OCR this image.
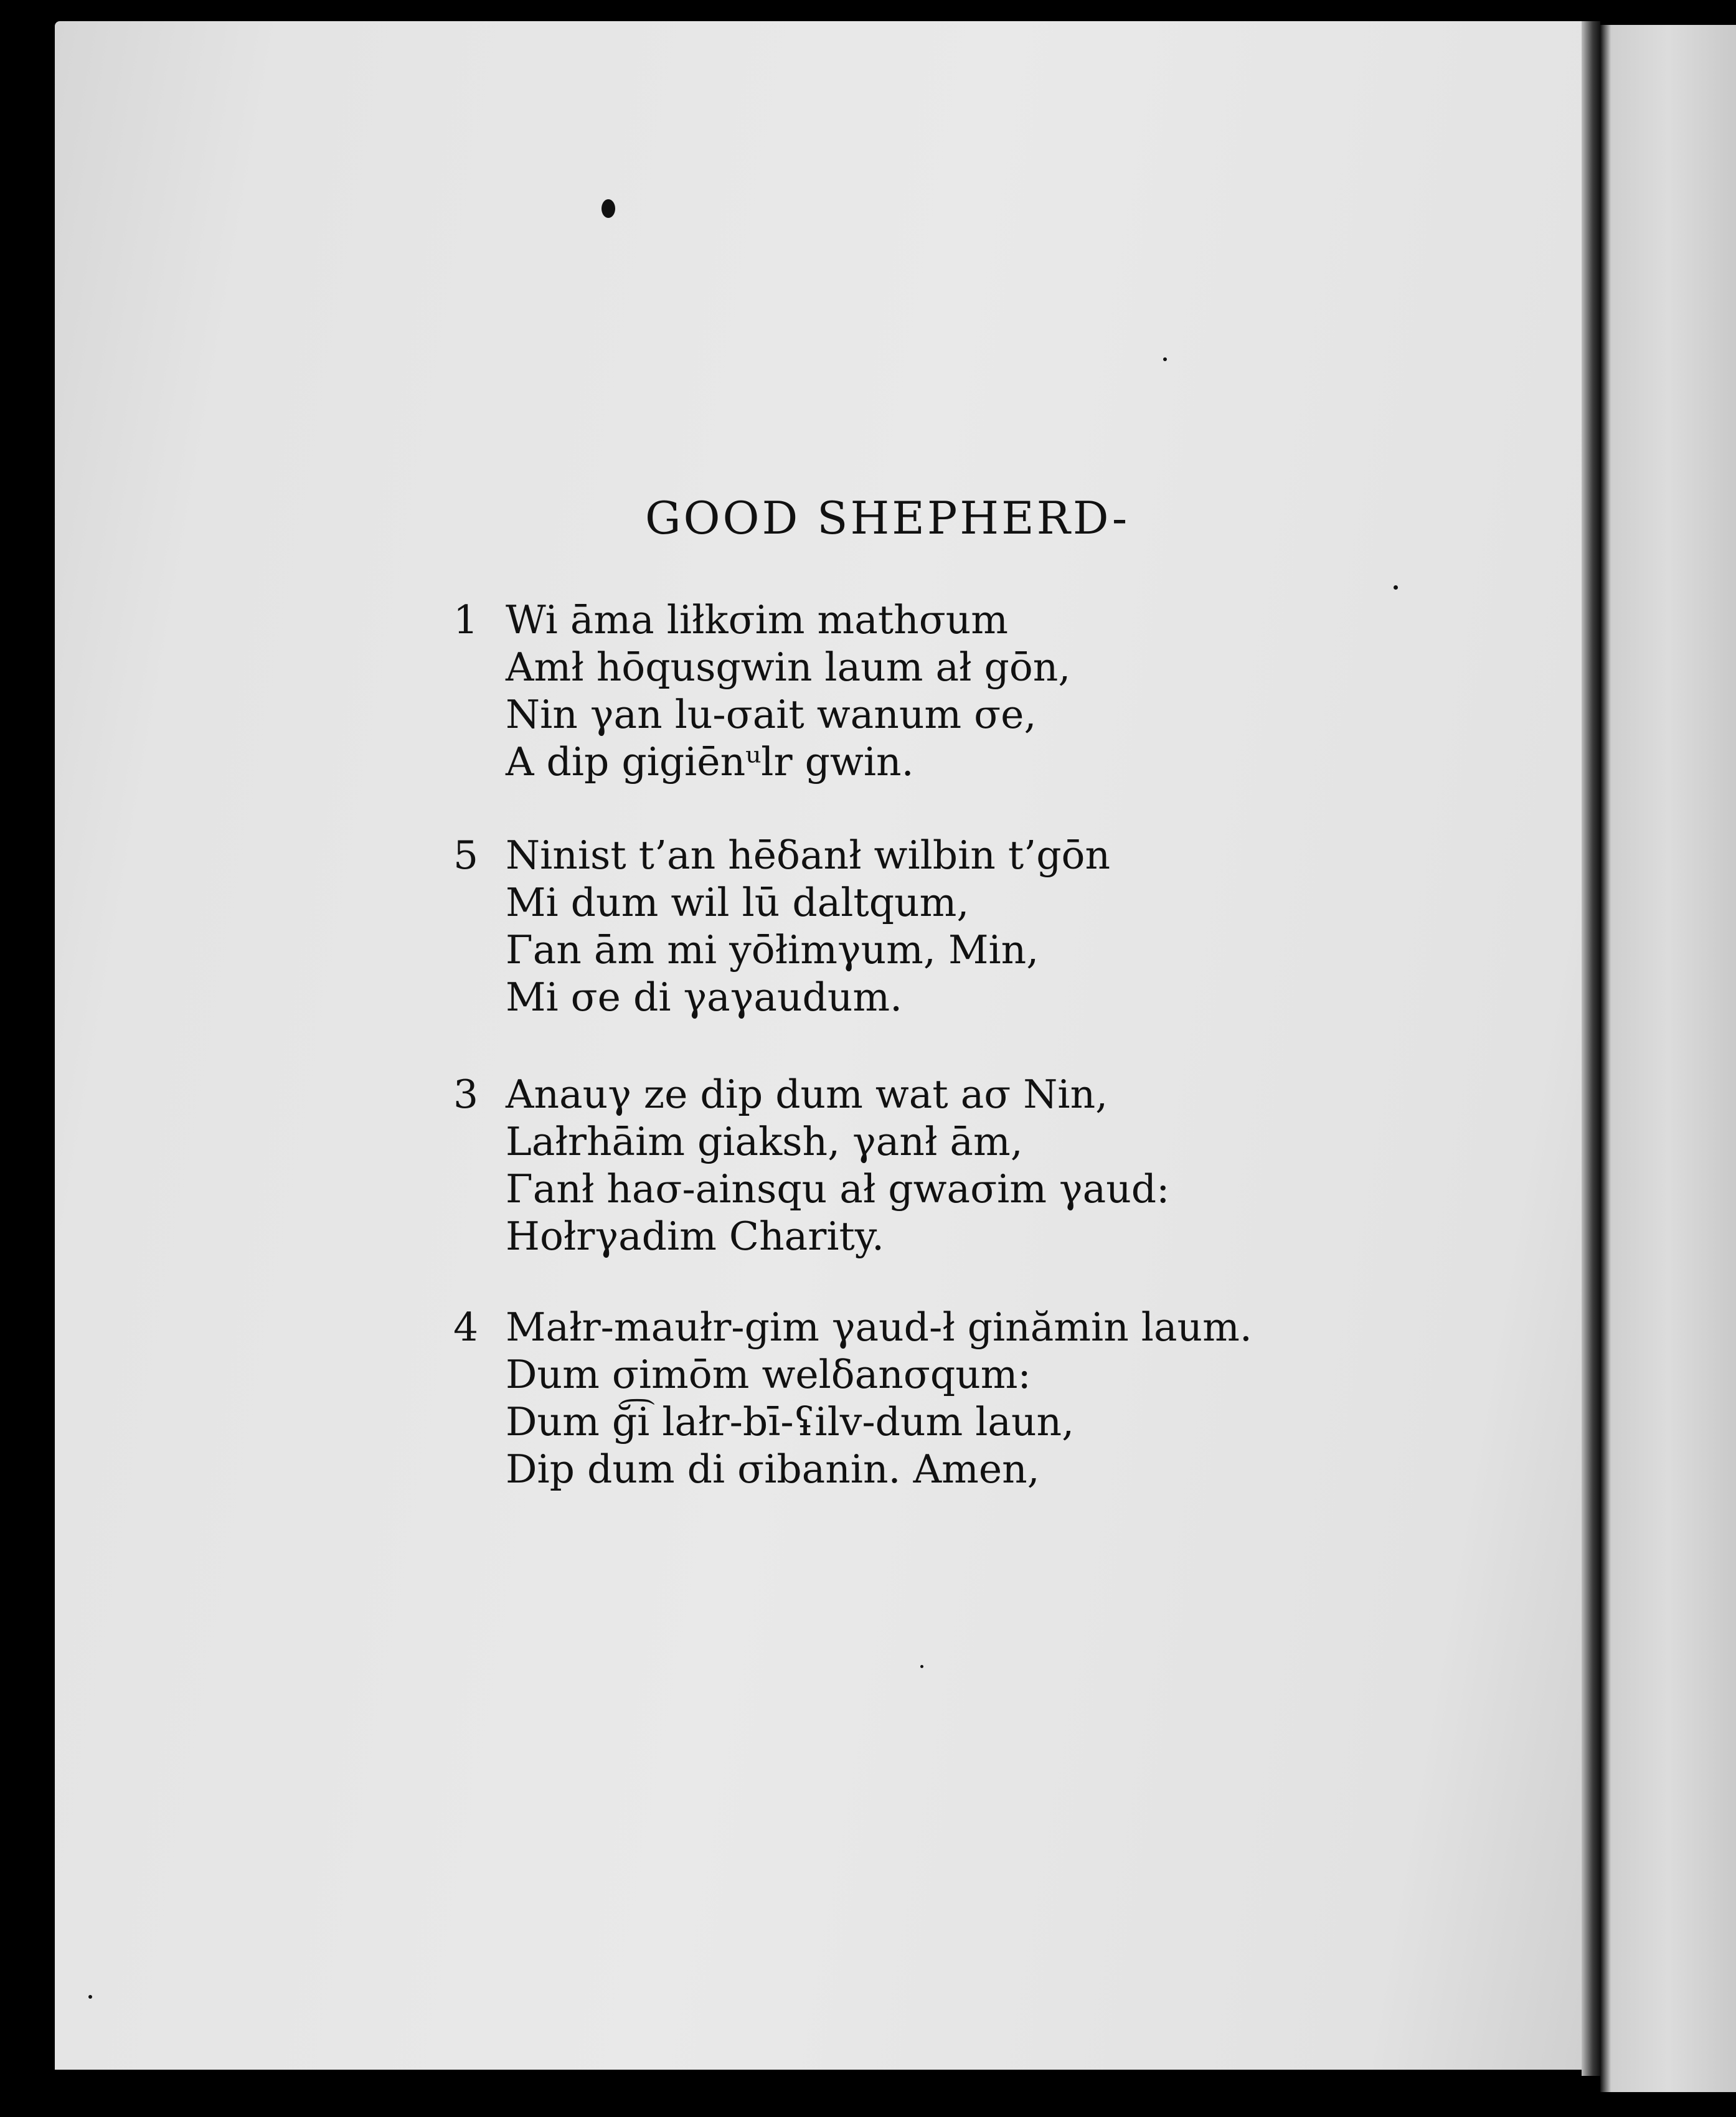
GOOD SHEPHERD-
1 Wi āma liłkσim mathσum
Amł hōqusgwin laum ał gōn,
Nin γan lu-σait wanum σe,
A dip gigiēnᵘlr gwin.
5 Ninist t’an hēδanł wilbin t’gōn
Mi dum wil lū daltqum,
Γan ām mi yōłimγum, Min,
Mi σe di γaγaudum.
3 Anauγ ze dip dum wat aσ Nin,
Lałrhāim giaksh, γanł ām,
Γanł haσ-ainsqu ał gwaσim γaud:
Hołrγadim Charity.
4 Małr-maułr-gim γaud-ł ginămin laum.
Dum σimōm welδanσqum:
Dum ğ͡i lałr-bī-ʢilv-dum laun,
Dip dum di σibanin. Amen,
